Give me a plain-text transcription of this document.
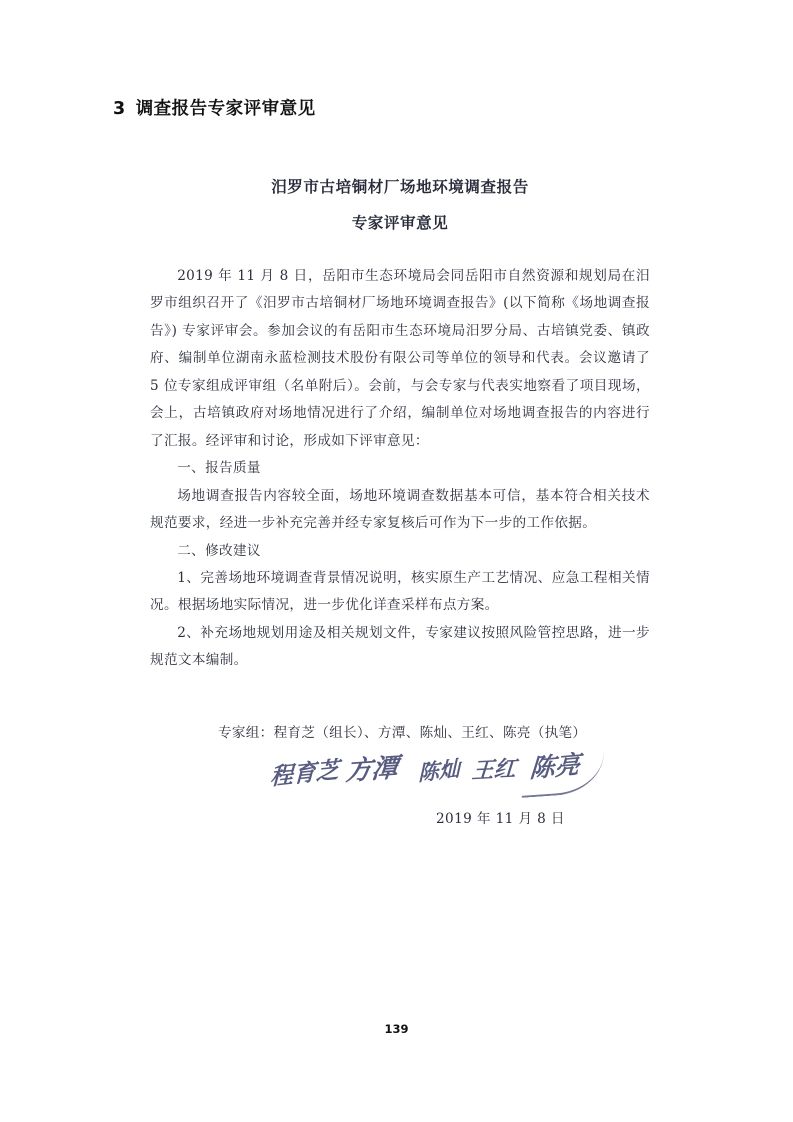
3 调查报告专家评审意见
汨罗市古培铜材厂场地环境调查报告
专家评审意见

2019 年 11 月 8 日，岳阳市生态环境局会同岳阳市自然资源和规划局在汨罗市组织召开了《汨罗市古培铜材厂场地环境调查报告》(以下简称《场地调查报告》) 专家评审会。参加会议的有岳阳市生态环境局汨罗分局、古培镇党委、镇政府、编制单位湖南永蓝检测技术股份有限公司等单位的领导和代表。会议邀请了 5 位专家组成评审组（名单附后）。会前，与会专家与代表实地察看了项目现场，会上，古培镇政府对场地情况进行了介绍，编制单位对场地调查报告的内容进行了汇报。经评审和讨论，形成如下评审意见：

一、报告质量

场地调查报告内容较全面，场地环境调查数据基本可信，基本符合相关技术规范要求，经进一步补充完善并经专家复核后可作为下一步的工作依据。

二、修改建议

1、完善场地环境调查背景情况说明，核实原生产工艺情况、应急工程相关情况。根据场地实际情况，进一步优化详查采样布点方案。

2、补充场地规划用途及相关规划文件，专家建议按照风险管控思路，进一步规范文本编制。

专家组：程育芝（组长）、方潭、陈灿、王红、陈亮（执笔）
程育芝 方潭 陈灿 王红 陈亮
2019 年 11 月 8 日
139
